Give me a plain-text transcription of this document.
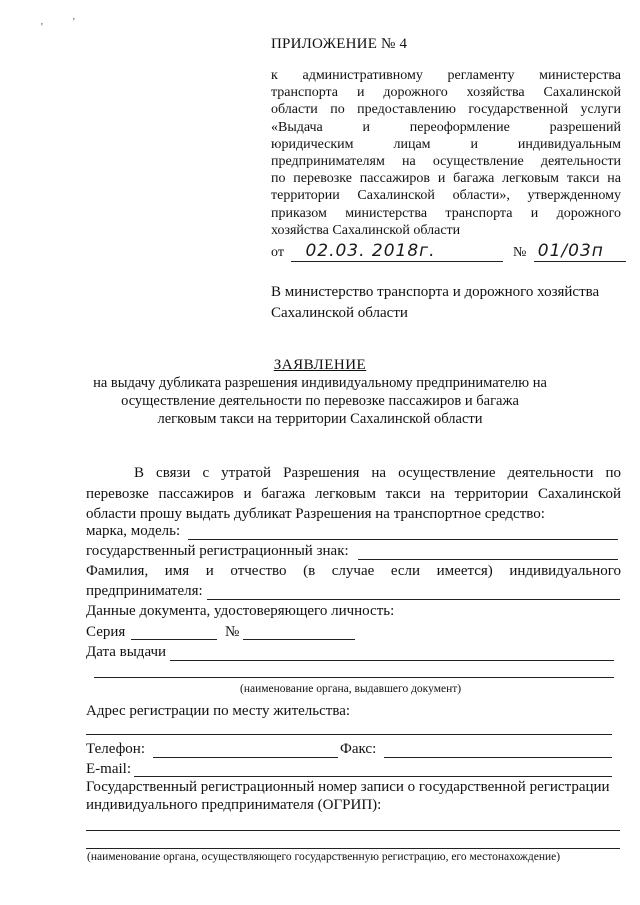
'	'
ПРИЛОЖЕНИЕ № 4
к административному регламенту министерства
транспорта и дорожного хозяйства Сахалинской
области по предоставлению государственной услуги
«Выдача и переоформление разрешений
юридическим лицам и индивидуальным
предпринимателям на осуществление деятельности
по перевозке пассажиров и багажа легковым такси на
территории Сахалинской области», утвержденному
приказом министерства транспорта и дорожного
хозяйства Сахалинской области
от 02.03. 2018г.	№ 01/03п
В министерство транспорта и дорожного хозяйства
Сахалинской области
ЗАЯВЛЕНИЕ
на выдачу дубликата разрешения индивидуальному предпринимателю на
осуществление деятельности по перевозке пассажиров и багажа
легковым такси на территории Сахалинской области
В связи с утратой Разрешения на осуществление деятельности по
перевозке пассажиров и багажа легковым такси на территории Сахалинской
области прошу выдать дубликат Разрешения на транспортное средство:
марка, модель:
государственный регистрационный знак:
Фамилия, имя и отчество (в случае если имеется) индивидуального
предпринимателя:
Данные документа, удостоверяющего личность:
Серия	№
Дата выдачи
(наименование органа, выдавшего документ)
Адрес регистрации по месту жительства:
Телефон:	Факс:
E-mail:
Государственный регистрационный номер записи о государственной регистрации
индивидуального предпринимателя (ОГРИП):
(наименование органа, осуществляющего государственную регистрацию, его местонахождение)
